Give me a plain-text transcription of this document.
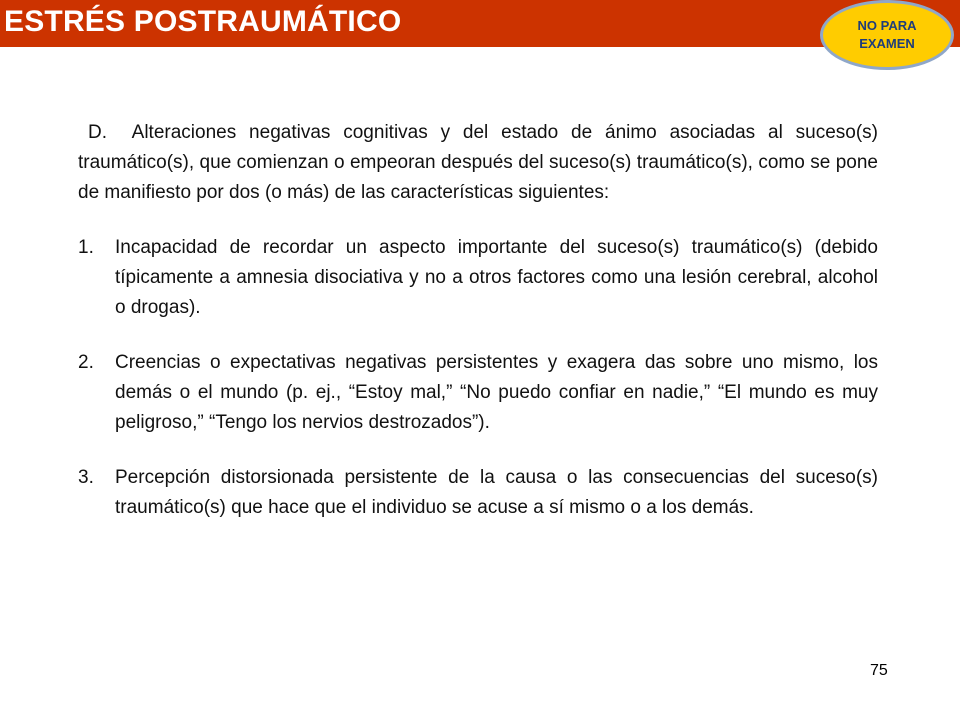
ESTRÉS POSTRAUMÁTICO	NO PARA
EXAMEN

D. Alteraciones negativas cognitivas y del estado de ánimo asociadas al suceso(s) traumático(s), que comienzan o empeoran después del suceso(s) traumático(s), como se pone de manifiesto por dos (o más) de las características siguientes:

1. Incapacidad de recordar un aspecto importante del suceso(s) traumático(s) (debido típicamente a amnesia disociativa y no a otros factores como una lesión cerebral, alcohol o drogas).
2. Creencias o expectativas negativas persistentes y exagera das sobre uno mismo, los demás o el mundo (p. ej., “Estoy mal,” “No puedo confiar en nadie,” “El mundo es muy peligroso,” “Tengo los nervios destrozados”).
3. Percepción distorsionada persistente de la causa o las consecuencias del suceso(s) traumático(s) que hace que el individuo se acuse a sí mismo o a los demás.
75
